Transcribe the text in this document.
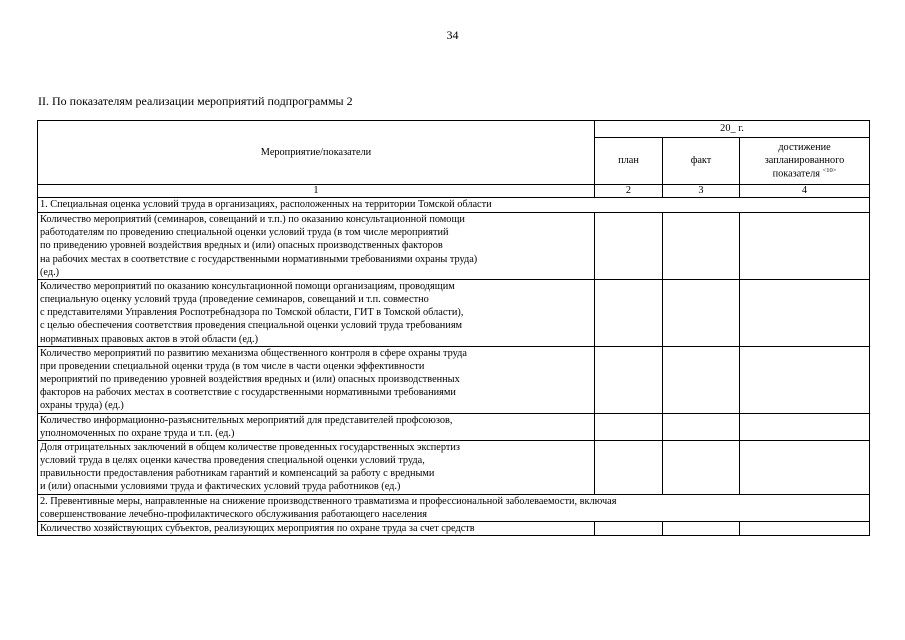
34
II. По показателям реализации мероприятий подпрограммы 2
Мероприятие/показатели	20_ г.		
	план	факт	достижение запланированного показателя $^{<10>}$
1	2	3	4

1. Специальная оценка условий труда в организациях, расположенных на территории Томской области			

Количество мероприятий (семинаров, совещаний и т.п.) по оказанию консультационной помощи
работодателям по проведению специальной оценки условий труда (в том числе мероприятий
по приведению уровней воздействия вредных и (или) опасных производственных факторов
на рабочих местах в соответствие с государственными нормативными требованиями охраны труда)
(ед.)			

Количество мероприятий по оказанию консультационной помощи организациям, проводящим
специальную оценку условий труда (проведение семинаров, совещаний и т.п. совместно
с представителями Управления Роспотребнадзора по Томской области, ГИТ в Томской области),
с целью обеспечения соответствия проведения специальной оценки условий труда требованиям
нормативных правовых актов в этой области (ед.)			

Количество мероприятий по развитию механизма общественного контроля в сфере охраны труда
при проведении специальной оценки труда (в том числе в части оценки эффективности
мероприятий по приведению уровней воздействия вредных и (или) опасных производственных
факторов на рабочих местах в соответствие с государственными нормативными требованиями
охраны труда) (ед.)			

Количество информационно-разъяснительных мероприятий для представителей профсоюзов,
уполномоченных по охране труда и т.п. (ед.)			

Доля отрицательных заключений в общем количестве проведенных государственных экспертиз
условий труда в целях оценки качества проведения специальной оценки условий труда,
правильности предоставления работникам гарантий и компенсаций за работу с вредными
и (или) опасными условиями труда и фактических условий труда работников (ед.)			

2. Превентивные меры, направленные на снижение производственного травматизма и профессиональной заболеваемости, включая
совершенствование лечебно-профилактического обслуживания работающего населения			

Количество хозяйствующих субъектов, реализующих мероприятия по охране труда за счет средств			
